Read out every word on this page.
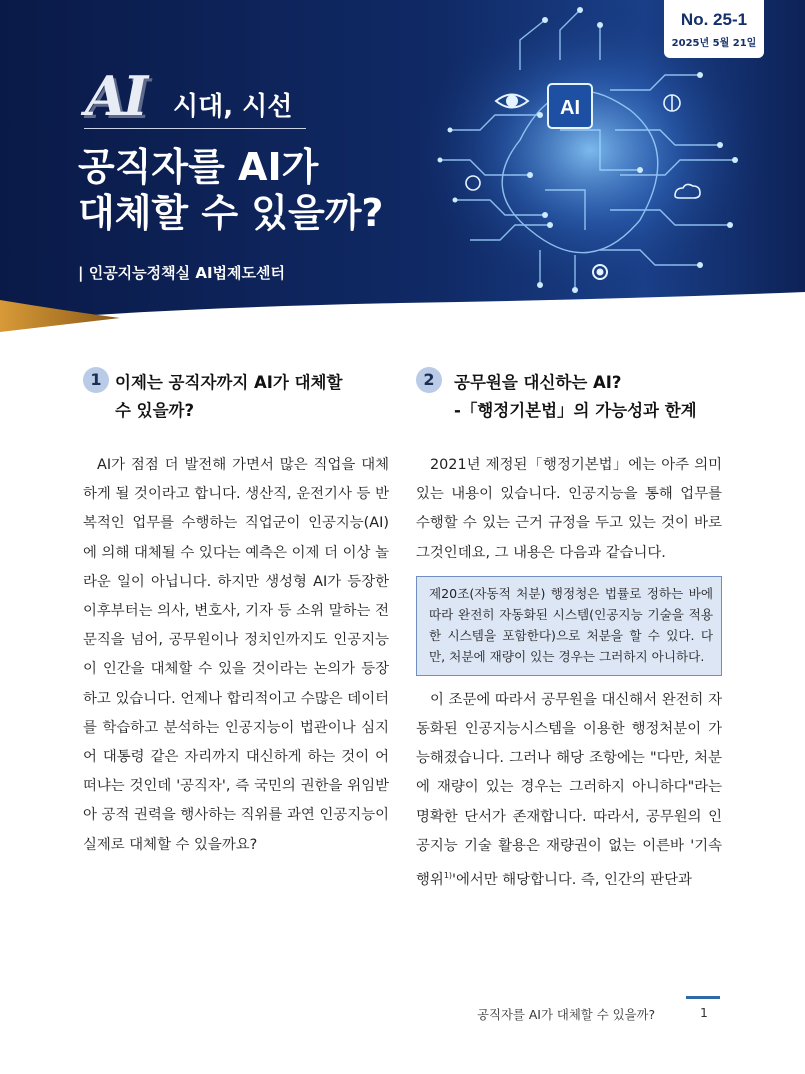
AI
No. 25-1
2025년 5월 21일
AI 시대, 시선
공직자를 AI가
대체할 수 있을까?
| 인공지능정책실 AI법제도센터
1 이제는 공직자까지 AI가 대체할
수 있을까?

AI가 점점 더 발전해 가면서 많은 직업을 대체하게 될 것이라고 합니다. 생산직, 운전기사 등 반복적인 업무를 수행하는 직업군이 인공지능(AI)에 의해 대체될 수 있다는 예측은 이제 더 이상 놀라운 일이 아닙니다. 하지만 생성형 AI가 등장한 이후부터는 의사, 변호사, 기자 등 소위 말하는 전문직을 넘어, 공무원이나 정치인까지도 인공지능이 인간을 대체할 수 있을 것이라는 논의가 등장하고 있습니다. 언제나 합리적이고 수많은 데이터를 학습하고 분석하는 인공지능이 법관이나 심지어 대통령 같은 자리까지 대신하게 하는 것이 어떠냐는 것인데 '공직자', 즉 국민의 권한을 위임받아 공적 권력을 행사하는 직위를 과연 인공지능이 실제로 대체할 수 있을까요?

2	공무원을 대신하는 AI?
-「행정기본법」의 가능성과 한계

2021년 제정된「행정기본법」에는 아주 의미 있는 내용이 있습니다. 인공지능을 통해 업무를 수행할 수 있는 근거 규정을 두고 있는 것이 바로 그것인데요, 그 내용은 다음과 같습니다.

제20조(자동적 처분) 행정청은 법률로 정하는 바에 따라 완전히 자동화된 시스템(인공지능 기술을 적용한 시스템을 포함한다)으로 처분을 할 수 있다. 다만, 처분에 재량이 있는 경우는 그러하지 아니하다.

이 조문에 따라서 공무원을 대신해서 완전히 자동화된 인공지능시스템을 이용한 행정처분이 가능해졌습니다. 그러나 해당 조항에는 "다만, 처분에 재량이 있는 경우는 그러하지 아니하다"라는 명확한 단서가 존재합니다. 따라서, 공무원의 인공지능 기술 활용은 재량권이 없는 이른바 '기속행위$^{1)}$'에서만 해당합니다. 즉, 인간의 판단과

공직자를 AI가 대체할 수 있을까?	1
